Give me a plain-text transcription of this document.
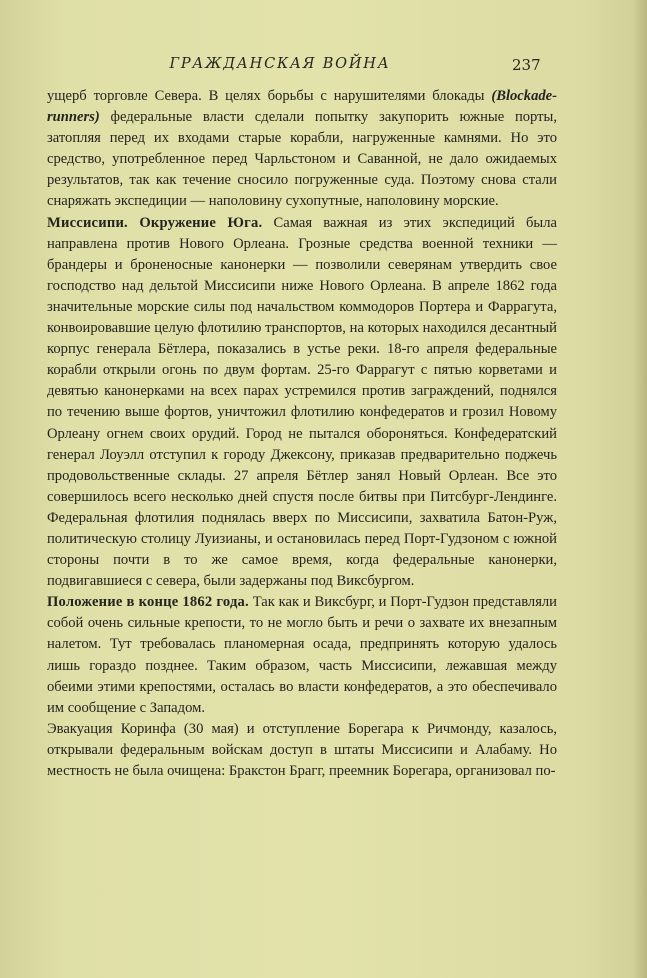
ГРАЖДАНСКАЯ ВОЙНА	237

ущерб торговле Севера. В целях борьбы с нарушителями блокады (Blockade-runners) федеральные власти сделали попытку закупорить южные порты, затопляя перед их входами старые корабли, нагруженные камнями. Но это средство, употребленное перед Чарльстоном и Саванной, не дало ожидаемых результатов, так как течение сносило погруженные суда. Поэтому снова стали снаряжать экспедиции — наполовину сухопутные, наполовину морские.

Миссисипи. Окружение Юга. Самая важная из этих экспедиций была направлена против Нового Орлеана. Грозные средства военной техники — брандеры и броненосные канонерки — позволили северянам утвердить свое господство над дельтой Миссисипи ниже Нового Орлеана. В апреле 1862 года значительные морские силы под начальством коммодоров Портера и Фаррагута, конвоировавшие целую флотилию транспортов, на которых находился десантный корпус генерала Бётлера, показались в устье реки. 18-го апреля федеральные корабли открыли огонь по двум фортам. 25-го Фаррагут с пятью корветами и девятью канонерками на всех парах устремился против заграждений, поднялся по течению выше фортов, уничтожил флотилию конфедератов и грозил Новому Орлеану огнем своих орудий. Город не пытался обороняться. Конфедератский генерал Лоуэлл отступил к городу Джексону, приказав предварительно поджечь продовольственные склады. 27 апреля Бётлер занял Новый Орлеан. Все это совершилось всего несколько дней спустя после битвы при Питсбург-Лендинге. Федеральная флотилия поднялась вверх по Миссисипи, захватила Батон-Руж, политическую столицу Луизианы, и остановилась перед Порт-Гудзоном с южной стороны почти в то же самое время, когда федеральные канонерки, подвигавшиеся с севера, были задержаны под Виксбургом.

Положение в конце 1862 года. Так как и Виксбург, и Порт-Гудзон представляли собой очень сильные крепости, то не могло быть и речи о захвате их внезапным налетом. Тут требовалась планомерная осада, предпринять которую удалось лишь гораздо позднее. Таким образом, часть Миссисипи, лежавшая между обеими этими крепостями, осталась во власти конфедератов, а это обеспечивало им сообщение с Западом.

Эвакуация Коринфа (30 мая) и отступление Борегара к Ричмонду, казалось, открывали федеральным войскам доступ в штаты Миссисипи и Алабаму. Но местность не была очищена: Бракстон Брагг, преемник Борегара, организовал по-
